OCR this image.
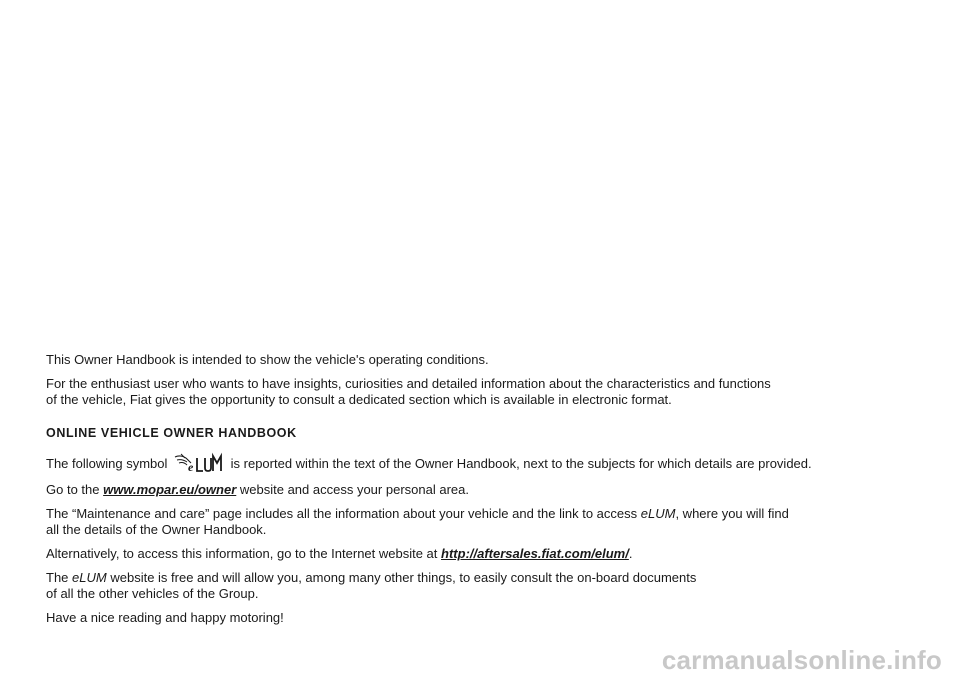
This Owner Handbook is intended to show the vehicle's operating conditions.

For the enthusiast user who wants to have insights, curiosities and detailed information about the characteristics and functions
of the vehicle, Fiat gives the opportunity to consult a dedicated section which is available in electronic format.

ONLINE VEHICLE OWNER HANDBOOK

The following symbol e	is reported within the text of the Owner Handbook, next to the subjects for which details are provided.

Go to the www.mopar.eu/owner website and access your personal area.

The “Maintenance and care” page includes all the information about your vehicle and the link to access eLUM, where you will find
all the details of the Owner Handbook.

Alternatively, to access this information, go to the Internet website at http://aftersales.fiat.com/elum/.

The eLUM website is free and will allow you, among many other things, to easily consult the on-board documents
of all the other vehicles of the Group.

Have a nice reading and happy motoring!

carmanualsonline.info
